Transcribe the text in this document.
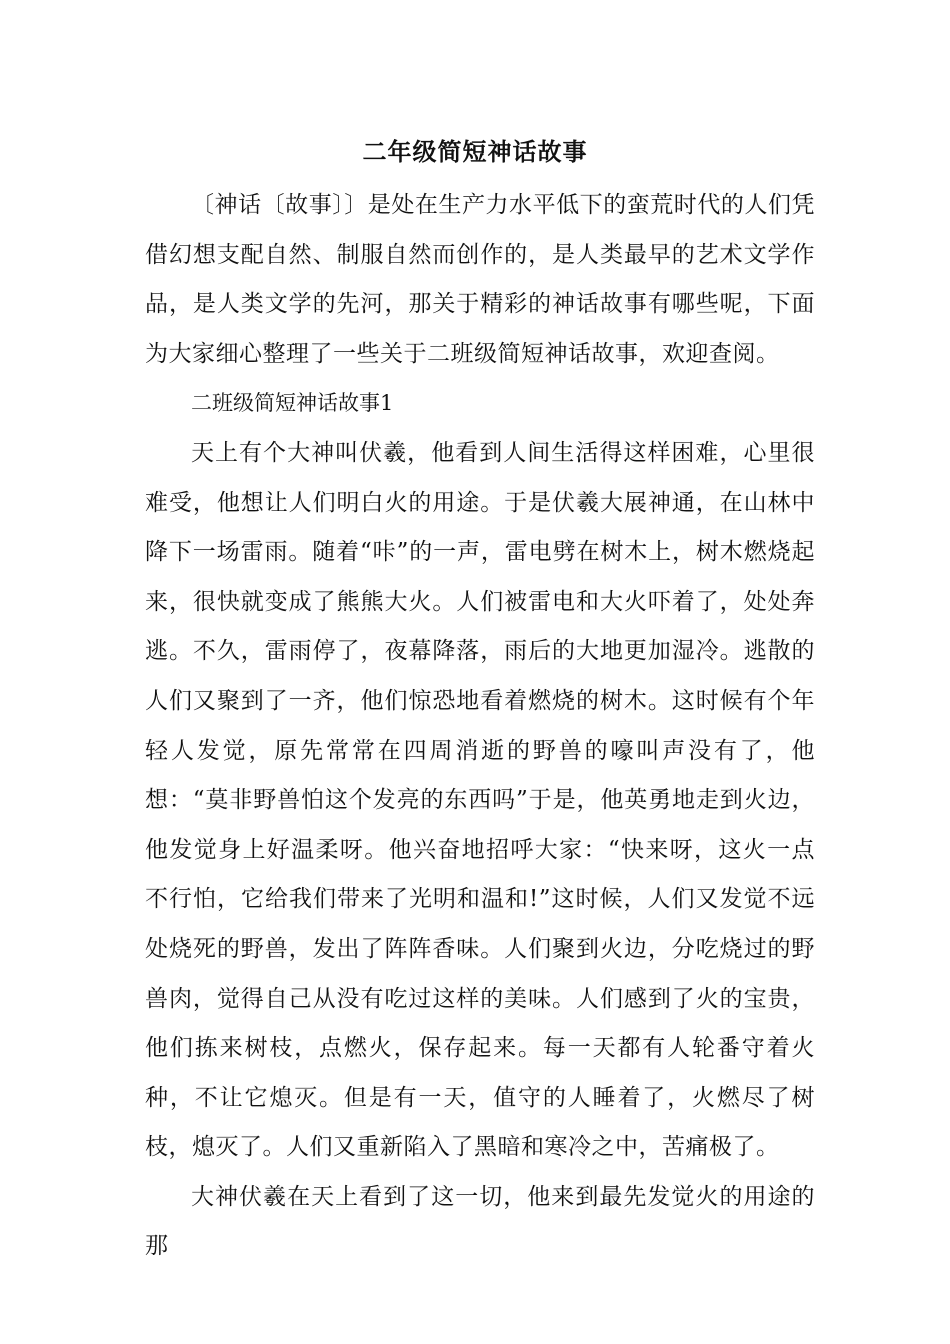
二年级简短神话故事

〔神话〔故事〕〕是处在生产力水平低下的蛮荒时代的人们凭借幻想支配自然、制服自然而创作的，是人类最早的艺术文学作品，是人类文学的先河，那关于精彩的神话故事有哪些呢，下面为大家细心整理了一些关于二班级简短神话故事，欢迎查阅。

二班级简短神话故事1

天上有个大神叫伏羲，他看到人间生活得这样困难，心里很难受，他想让人们明白火的用途。于是伏羲大展神通，在山林中降下一场雷雨。随着“咔”的一声，雷电劈在树木上，树木燃烧起来，很快就变成了熊熊大火。人们被雷电和大火吓着了，处处奔逃。不久，雷雨停了，夜幕降落，雨后的大地更加湿冷。逃散的人们又聚到了一齐，他们惊恐地看着燃烧的树木。这时候有个年轻人发觉，原先常常在四周消逝的野兽的嚎叫声没有了，他想：“莫非野兽怕这个发亮的东西吗”于是，他英勇地走到火边，他发觉身上好温柔呀。他兴奋地招呼大家：“快来呀，这火一点不行怕，它给我们带来了光明和温和!”这时候，人们又发觉不远处烧死的野兽，发出了阵阵香味。人们聚到火边，分吃烧过的野兽肉，觉得自己从没有吃过这样的美味。人们感到了火的宝贵，他们拣来树枝，点燃火，保存起来。每一天都有人轮番守着火种，不让它熄灭。但是有一天，值守的人睡着了，火燃尽了树枝，熄灭了。人们又重新陷入了黑暗和寒冷之中，苦痛极了。

大神伏羲在天上看到了这一切，他来到最先发觉火的用途的那
